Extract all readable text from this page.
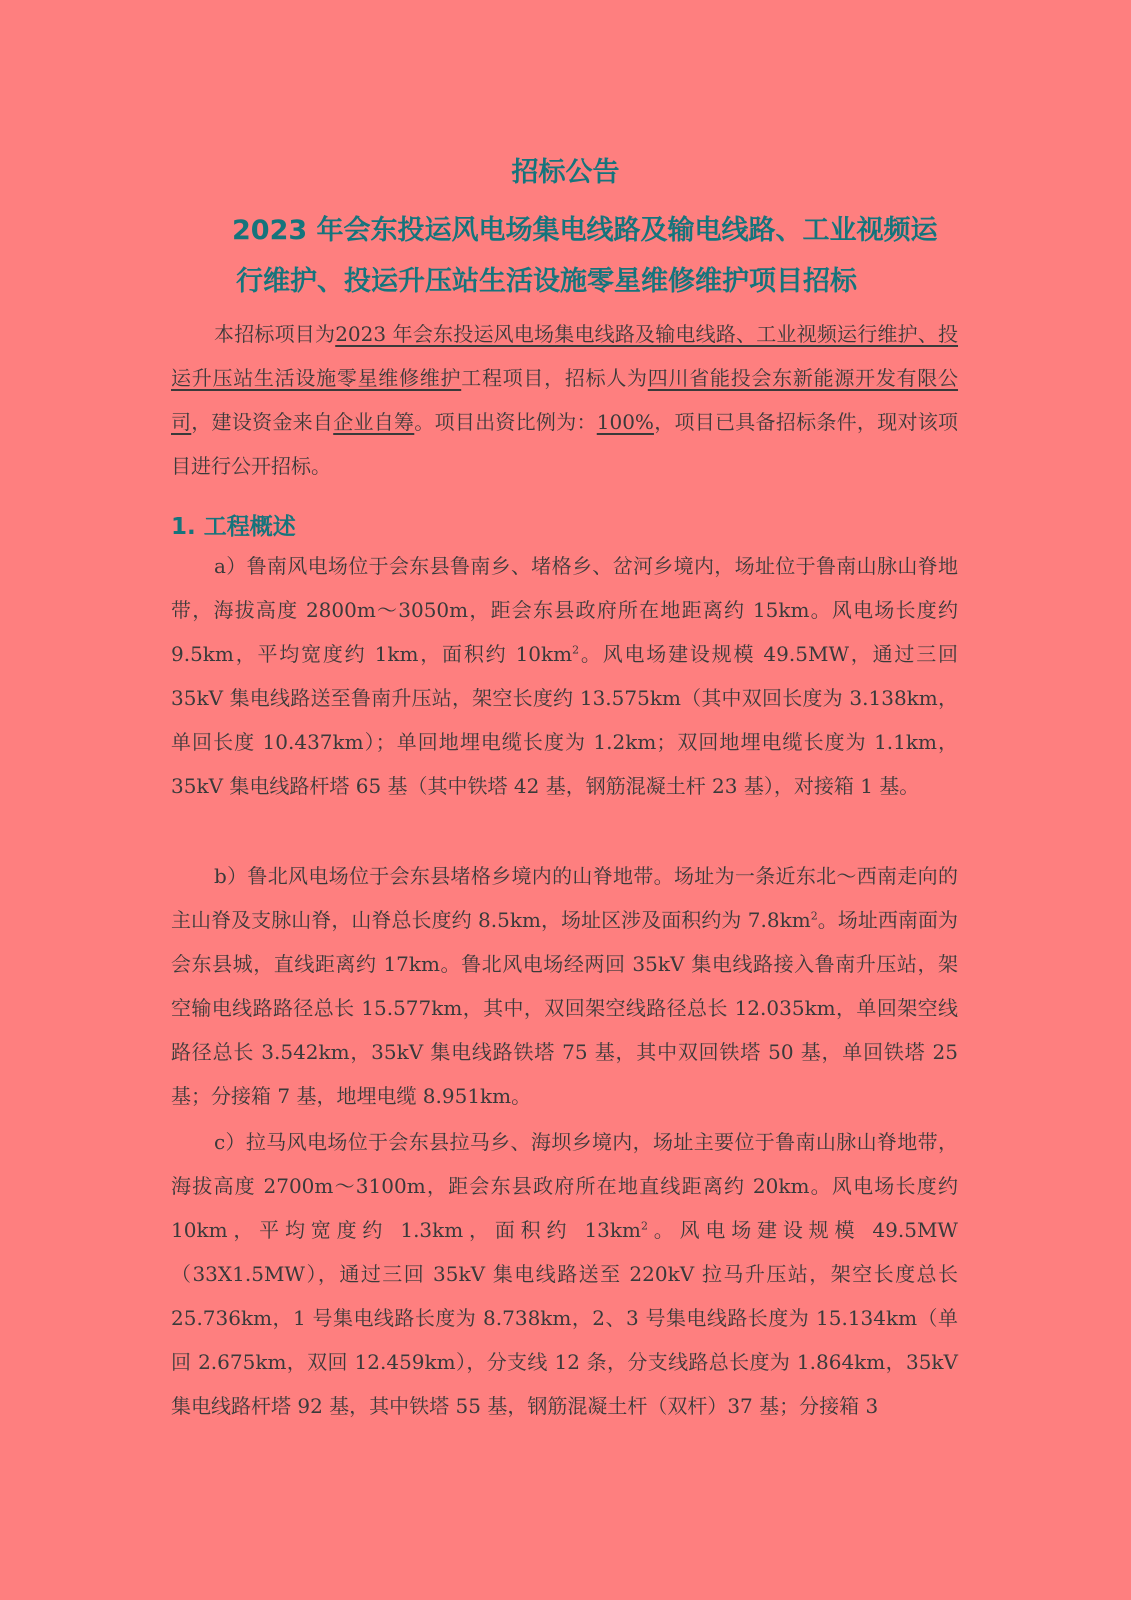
招标公告
2023 年会东投运风电场集电线路及输电线路、工业视频运
行维护、投运升压站生活设施零星维修维护项目招标
本招标项目为2023 年会东投运风电场集电线路及输电线路、工业视频运行维护、投运升压站生活设施零星维修维护工程项目，招标人为四川省能投会东新能源开发有限公司，建设资金来自企业自筹。项目出资比例为：100%，项目已具备招标条件，现对该项目进行公开招标。
1. 工程概述
a）鲁南风电场位于会东县鲁南乡、堵格乡、岔河乡境内，场址位于鲁南山脉山脊地带，海拔高度 2800m～3050m，距会东县政府所在地距离约 15km。风电场长度约 9.5km，平均宽度约 1km，面积约 $10km^2$。风电场建设规模 49.5MW，通过三回 35kV 集电线路送至鲁南升压站，架空长度约 13.575km（其中双回长度为 3.138km，单回长度 10.437km）；单回地埋电缆长度为 1.2km；双回地埋电缆长度为 1.1km，35kV 集电线路杆塔 65 基（其中铁塔 42 基，钢筋混凝土杆 23 基），对接箱 1 基。
b）鲁北风电场位于会东县堵格乡境内的山脊地带。场址为一条近东北～西南走向的主山脊及支脉山脊，山脊总长度约 8.5km，场址区涉及面积约为 $7.8km^2$。场址西南面为会东县城，直线距离约 17km。鲁北风电场经两回 35kV 集电线路接入鲁南升压站，架空输电线路路径总长 15.577km，其中，双回架空线路径总长 12.035km，单回架空线路径总长 3.542km，35kV 集电线路铁塔 75 基，其中双回铁塔 50 基，单回铁塔 25 基；分接箱 7 基，地埋电缆 8.951km。
c）拉马风电场位于会东县拉马乡、海坝乡境内，场址主要位于鲁南山脉山脊地带，海拔高度 2700m～3100m，距会东县政府所在地直线距离约 20km。风电场长度约 10km，平均宽度约 1.3km，面积约 $13km^2$。风电场建设规模 49.5MW（33X1.5MW），通过三回 35kV 集电线路送至 220kV 拉马升压站，架空长度总长 25.736km，1 号集电线路长度为 8.738km，2、3 号集电线路长度为 15.134km（单回 2.675km，双回 12.459km），分支线 12 条，分支线路总长度为 1.864km，35kV 集电线路杆塔 92 基，其中铁塔 55 基，钢筋混凝土杆（双杆）37 基；分接箱 3
